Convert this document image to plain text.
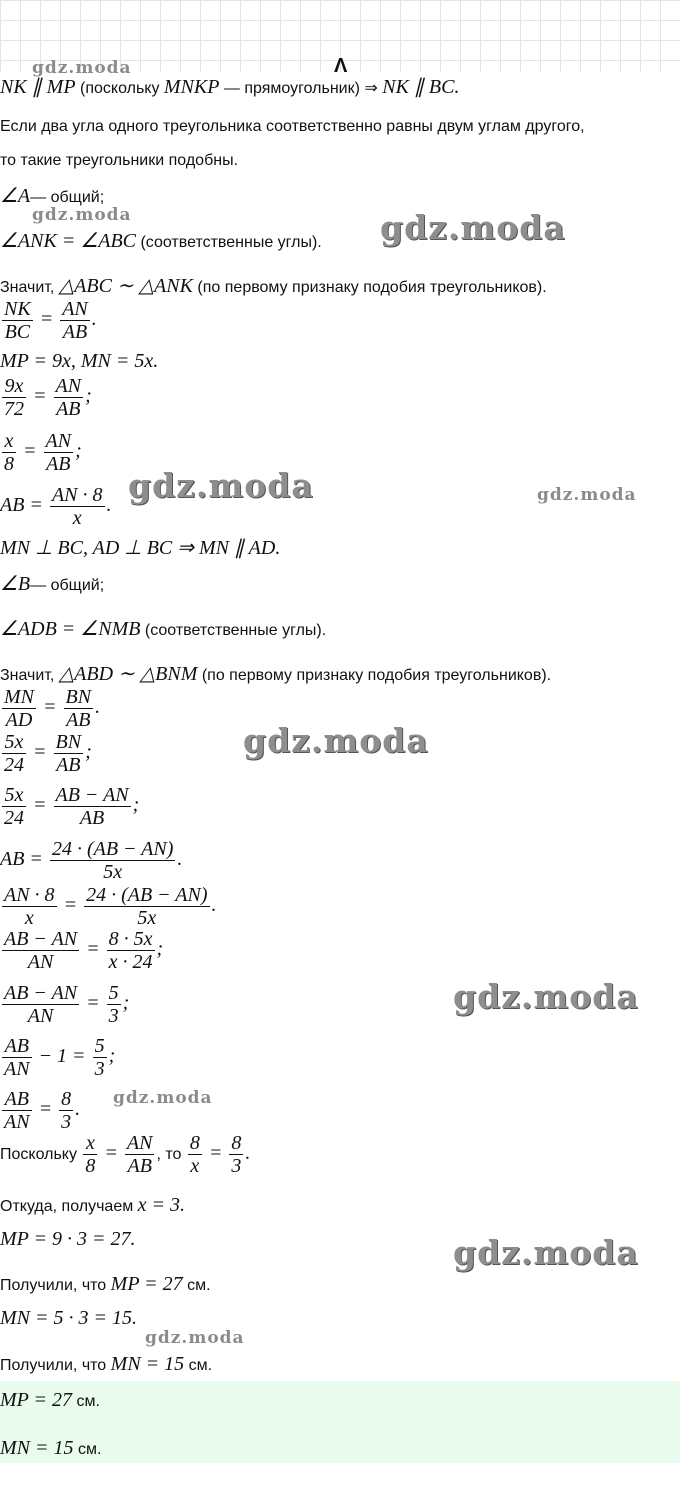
Λ
NK ∥ MP (поскольку MNKP — прямоугольник) ⇒ NK ∥ BC.
Если два угла одного треугольника соответственно равны двум углам другого,
то такие треугольники подобны.
∠A— общий;
∠ANK = ∠ABC (соответственные углы).
Значит, △ABC ∼ △ANK (по первому признаку подобия треугольников).
$\frac{NK}{BC} = \frac{AN}{AB}$ .
MP = 9x, MN = 5x.
$\frac{9x}{72} = \frac{AN}{AB}$ ;
$\frac{x}{8} = \frac{AN}{AB}$ ;
AB = $\frac{AN \cdot 8}{x}$ .
MN ⊥ BC, AD ⊥ BC ⇒ MN ∥ AD.
∠B— общий;
∠ADB = ∠NMB (соответственные углы).
Значит, △ABD ∼ △BNM (по первому признаку подобия треугольников).
$\frac{MN}{AD} = \frac{BN}{AB}$ .
$\frac{5x}{24} = \frac{BN}{AB}$ ;
$\frac{5x}{24} = \frac{AB - AN}{AB}$ ;
AB = $\frac{24 \cdot (AB - AN)}{5x}$ .
$\frac{AN \cdot 8}{x} = \frac{24 \cdot (AB - AN)}{5x}$ .
$\frac{AB - AN}{AN} = \frac{8 \cdot 5x}{x \cdot 24}$ ;
$\frac{AB - AN}{AN} = \frac{5}{3}$ ;
$\frac{AB}{AN} - 1 = \frac{5}{3}$ ;
$\frac{AB}{AN} = \frac{8}{3}$ .
Поскольку $\frac{x}{8} = \frac{AN}{AB}$ , то $\frac{8}{x} = \frac{8}{3}$ .
Откуда, получаем x = 3.
MP = 9 · 3 = 27.
Получили, что MP = 27 см.
MN = 5 · 3 = 15.
Получили, что MN = 15 см.
MP = 27 см.
MN = 15 см.
gdz.moda
gdz.moda	gdz.moda
gdz.moda	gdz.moda
gdz.moda
gdz.moda
gdz.moda
gdz.moda
gdz.moda
